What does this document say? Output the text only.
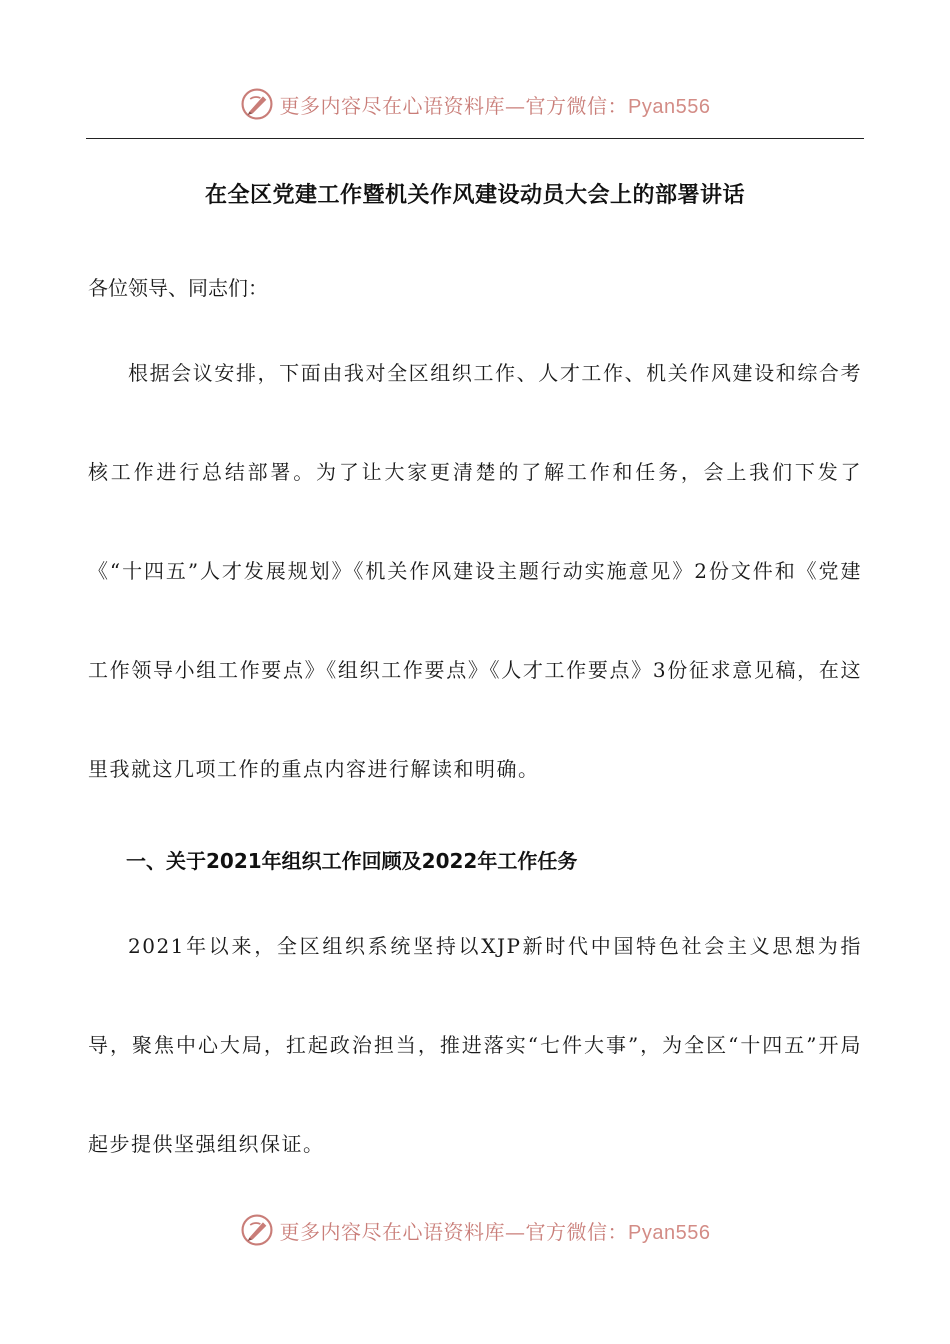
更多内容尽在心语资料库—官方微信：Pyan556
在全区党建工作暨机关作风建设动员大会上的部署讲话
各位领导、同志们：
根据会议安排，下面由我对全区组织工作、人才工作、机关作风建设和综合考核工作进行总结部署。为了让大家更清楚的了解工作和任务，会上我们下发了《“十四五”人才发展规划》《机关作风建设主题行动实施意见》2份文件和《党建工作领导小组工作要点》《组织工作要点》《人才工作要点》3份征求意见稿，在这里我就这几项工作的重点内容进行解读和明确。
一、关于2021年组织工作回顾及2022年工作任务
2021年以来，全区组织系统坚持以XJP新时代中国特色社会主义思想为指导，聚焦中心大局，扛起政治担当，推进落实“七件大事”，为全区“十四五”开局起步提供坚强组织保证。
更多内容尽在心语资料库—官方微信：Pyan556
